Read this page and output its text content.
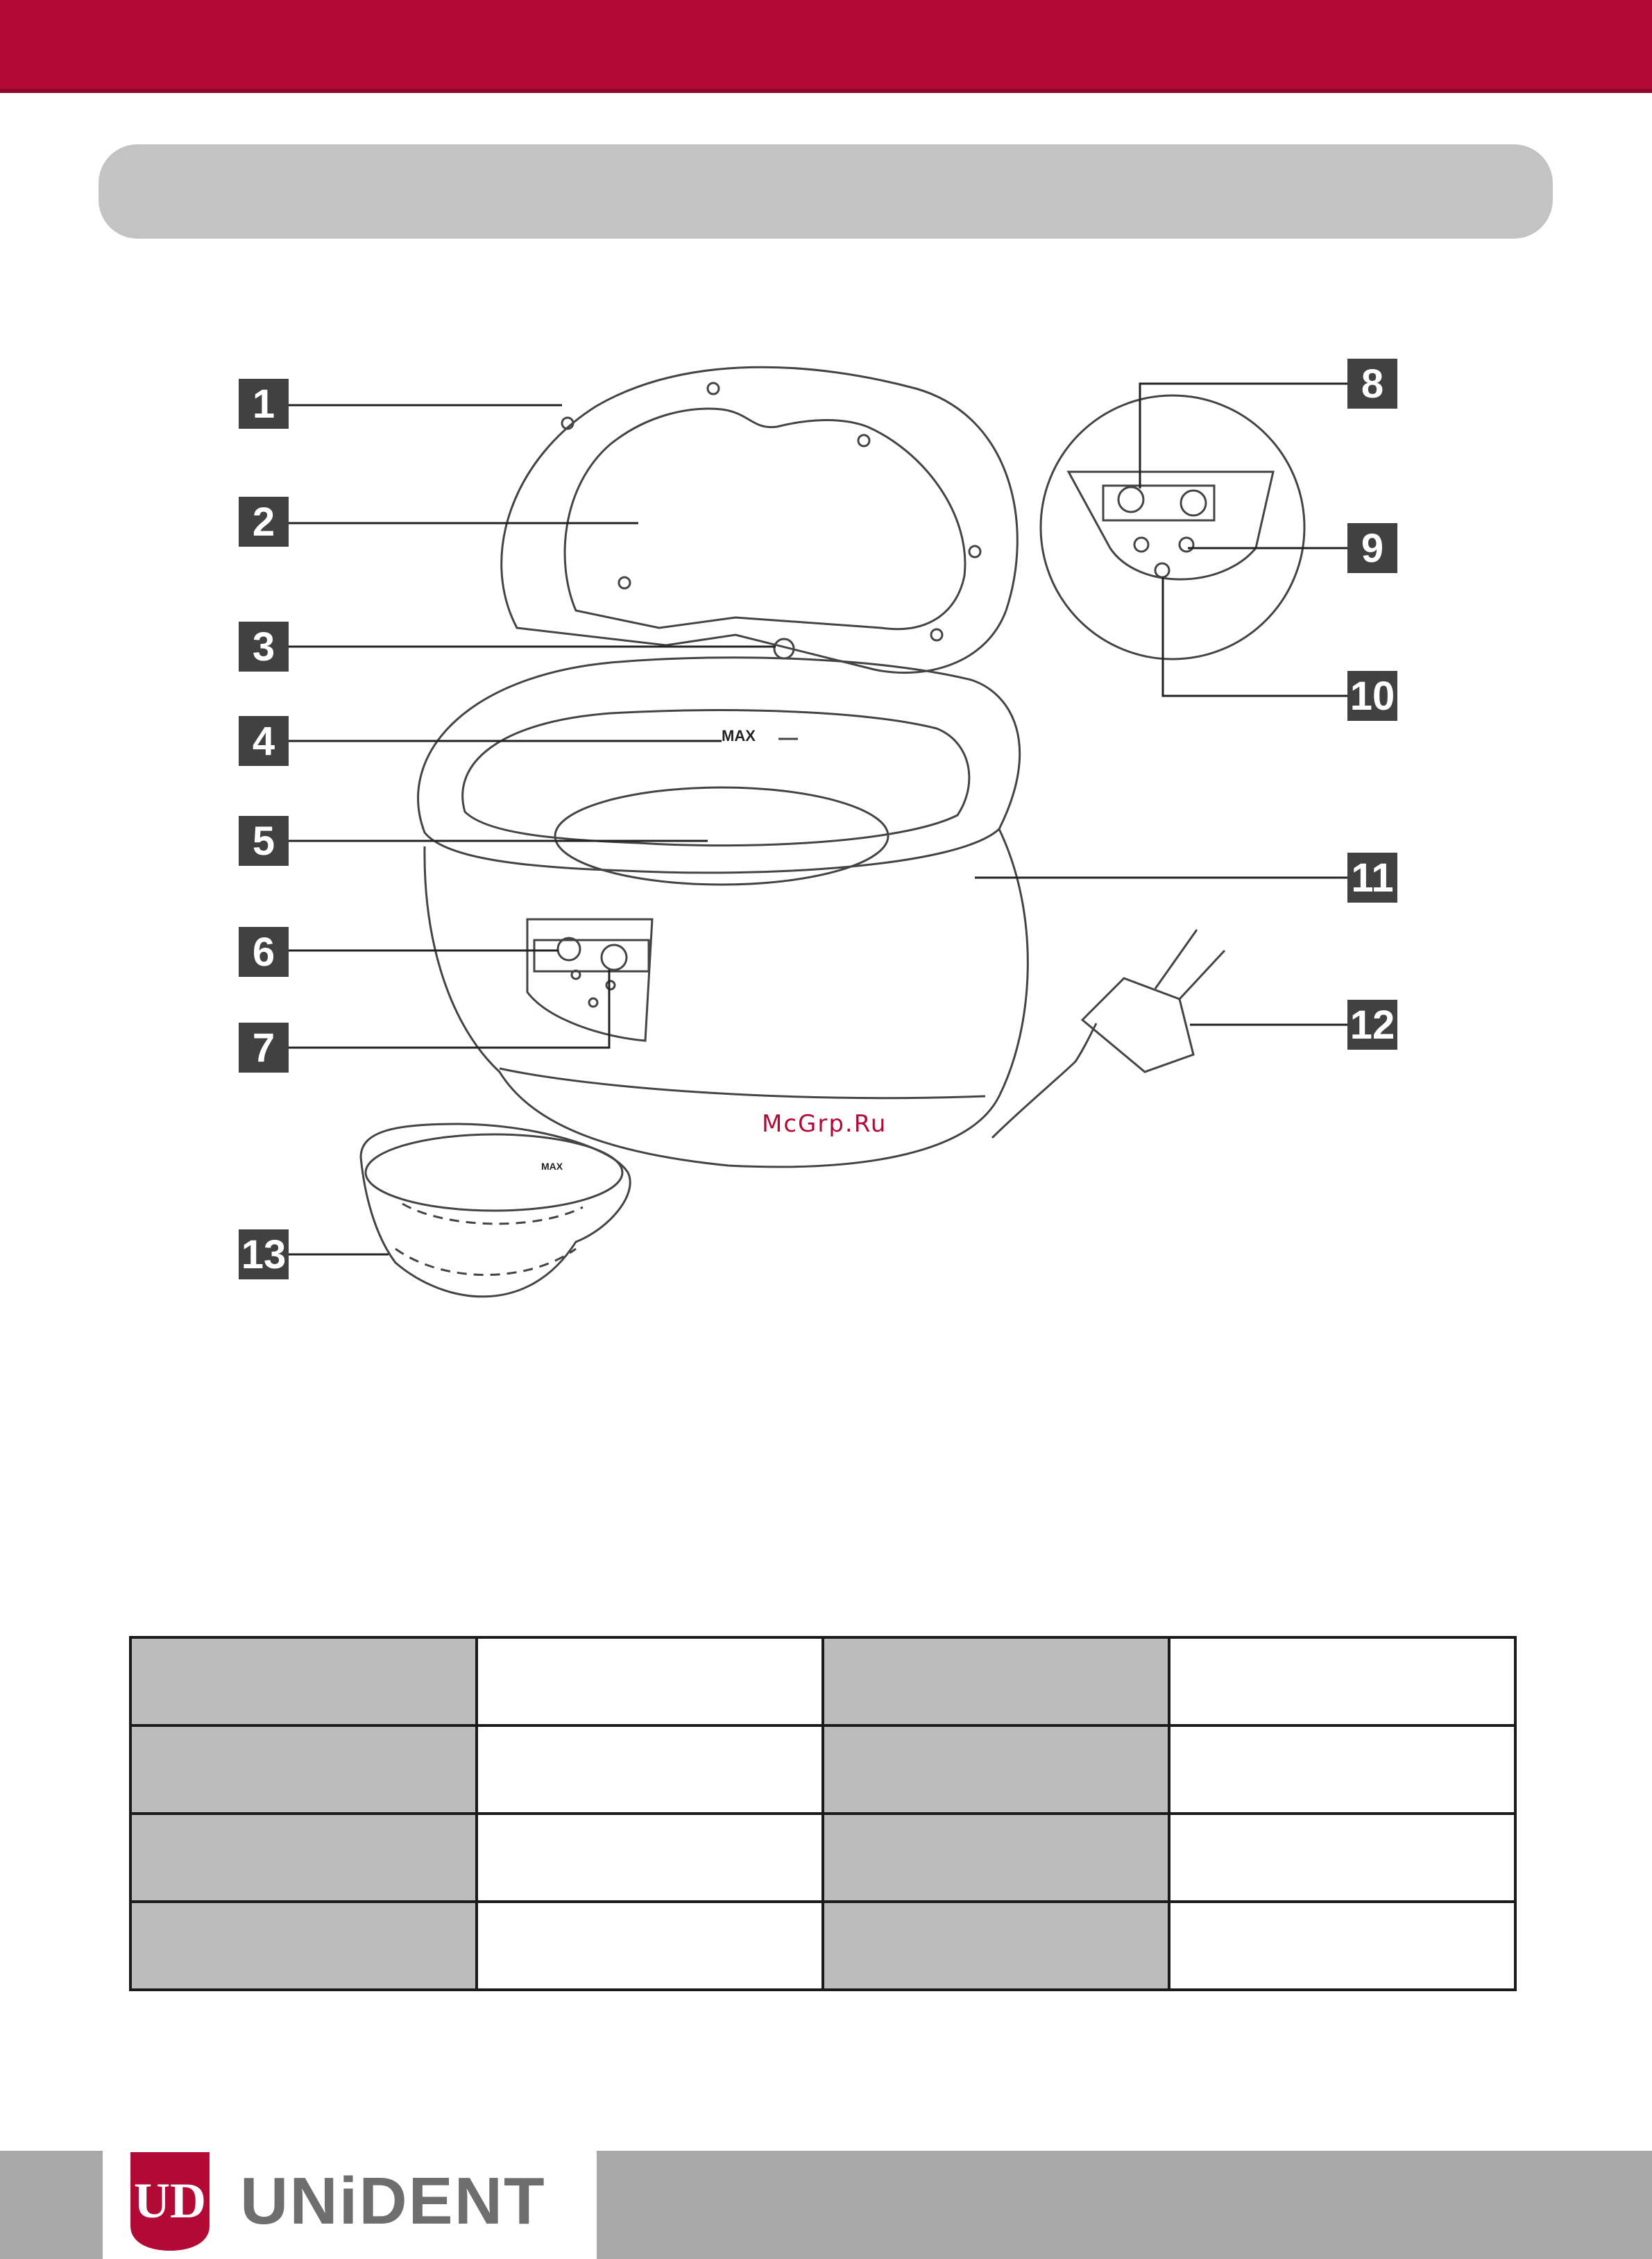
MAX
MAX
1
2
3
4
5
6
7
8
9
10
11
12
13
McGrp.Ru

UD UNiDENT
